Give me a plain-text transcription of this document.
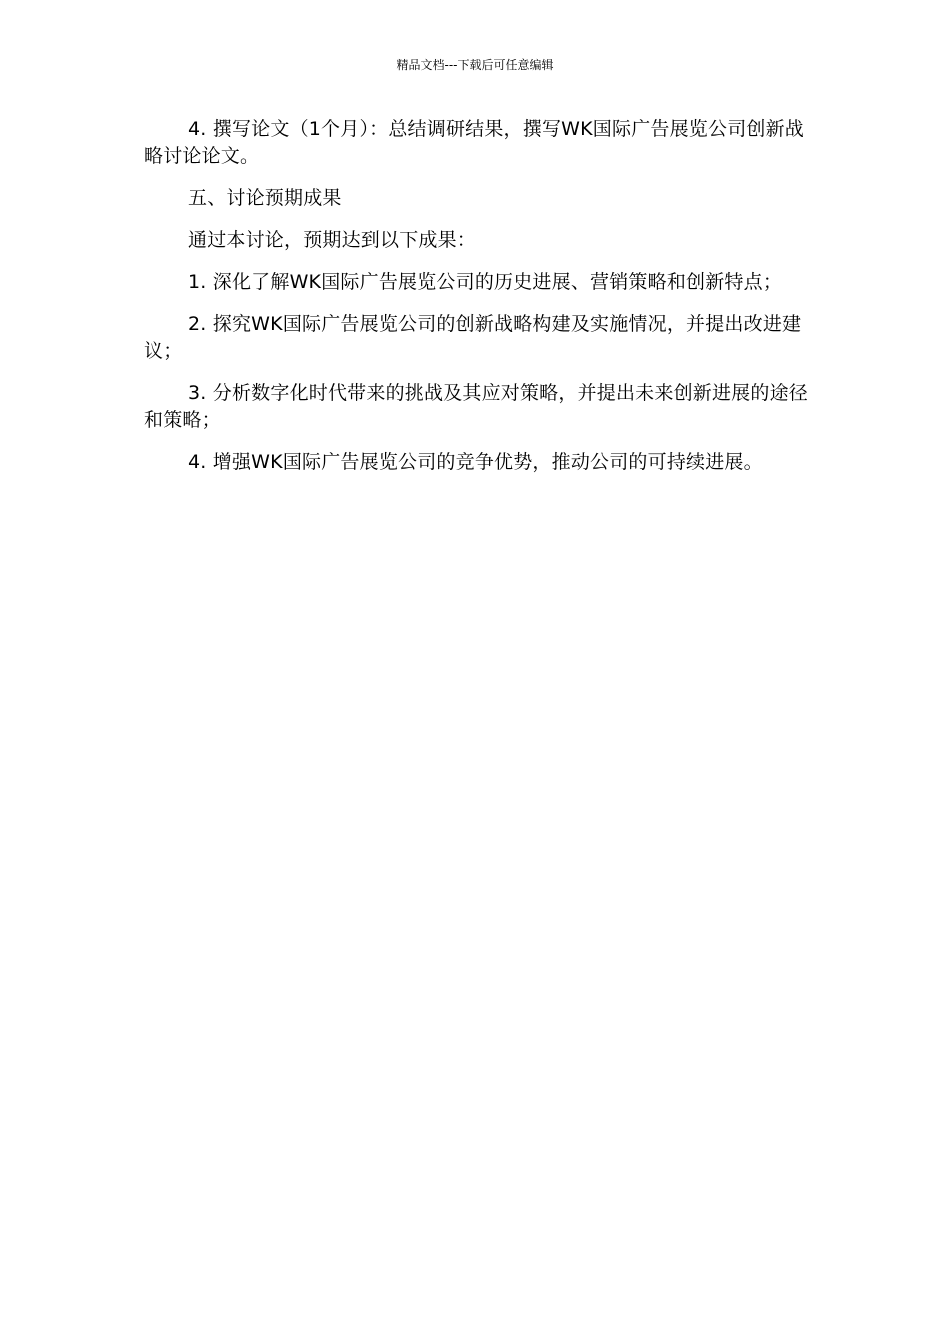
精品文档---下载后可任意编辑

4. 撰写论文（1个月）：总结调研结果，撰写WK国际广告展览公司创新战略讨论论文。

五、讨论预期成果

通过本讨论，预期达到以下成果：

1. 深化了解WK国际广告展览公司的历史进展、营销策略和创新特点；

2. 探究WK国际广告展览公司的创新战略构建及实施情况，并提出改进建议；

3. 分析数字化时代带来的挑战及其应对策略，并提出未来创新进展的途径和策略；

4. 增强WK国际广告展览公司的竞争优势，推动公司的可持续进展。
